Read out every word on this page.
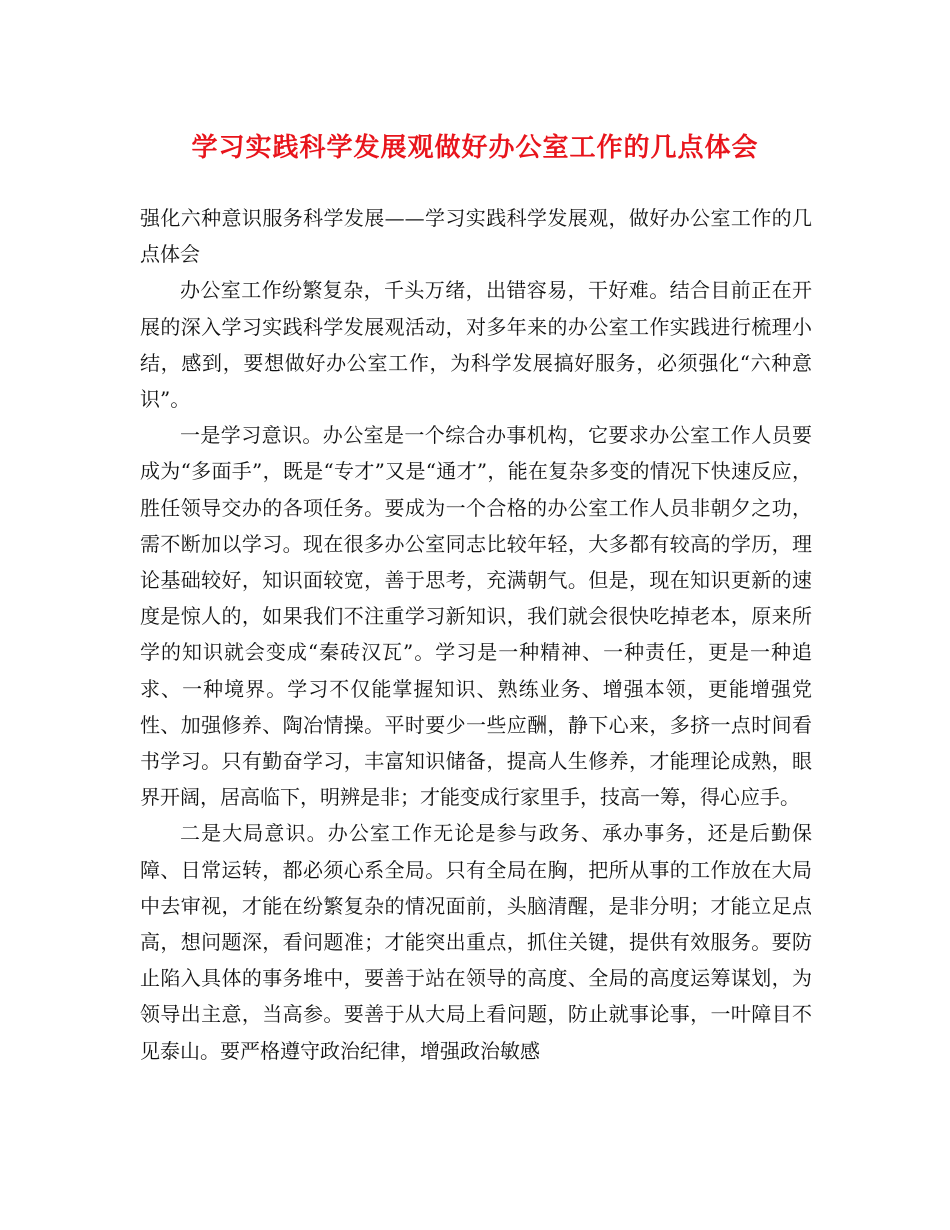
学习实践科学发展观做好办公室工作的几点体会

强化六种意识服务科学发展——学习实践科学发展观，做好办公室工作的几点体会

办公室工作纷繁复杂，千头万绪，出错容易，干好难。结合目前正在开展的深入学习实践科学发展观活动，对多年来的办公室工作实践进行梳理小结，感到，要想做好办公室工作，为科学发展搞好服务，必须强化“六种意识”。

一是学习意识。办公室是一个综合办事机构，它要求办公室工作人员要成为“多面手”，既是“专才”又是“通才”，能在复杂多变的情况下快速反应，胜任领导交办的各项任务。要成为一个合格的办公室工作人员非朝夕之功，需不断加以学习。现在很多办公室同志比较年轻，大多都有较高的学历，理论基础较好，知识面较宽，善于思考，充满朝气。但是，现在知识更新的速度是惊人的，如果我们不注重学习新知识，我们就会很快吃掉老本，原来所学的知识就会变成“秦砖汉瓦”。学习是一种精神、一种责任，更是一种追求、一种境界。学习不仅能掌握知识、熟练业务、增强本领，更能增强党性、加强修养、陶冶情操。平时要少一些应酬，静下心来，多挤一点时间看书学习。只有勤奋学习，丰富知识储备，提高人生修养，才能理论成熟，眼界开阔，居高临下，明辨是非；才能变成行家里手，技高一筹，得心应手。

二是大局意识。办公室工作无论是参与政务、承办事务，还是后勤保障、日常运转，都必须心系全局。只有全局在胸，把所从事的工作放在大局中去审视，才能在纷繁复杂的情况面前，头脑清醒，是非分明；才能立足点高，想问题深，看问题准；才能突出重点，抓住关键，提供有效服务。要防止陷入具体的事务堆中，要善于站在领导的高度、全局的高度运筹谋划，为领导出主意，当高参。要善于从大局上看问题，防止就事论事，一叶障目不见泰山。要严格遵守政治纪律，增强政治敏感
